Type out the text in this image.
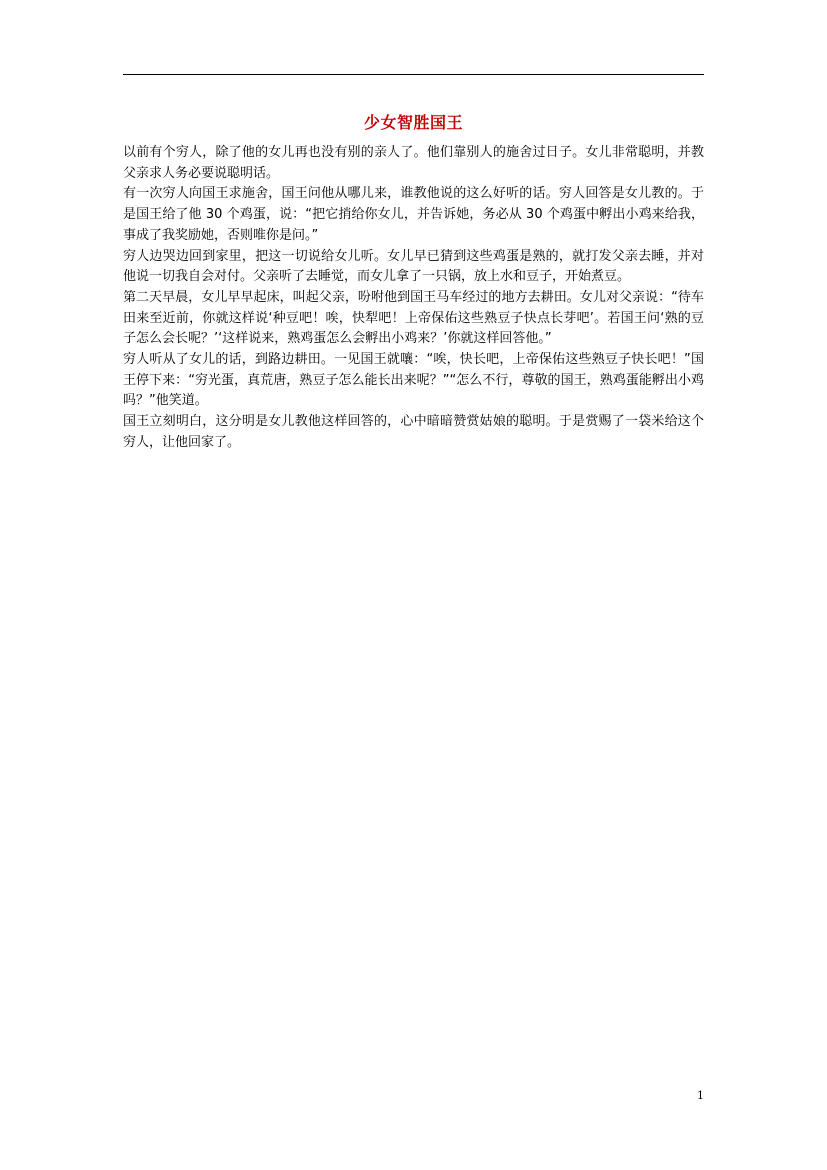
少女智胜国王

以前有个穷人，除了他的女儿再也没有别的亲人了。他们靠别人的施舍过日子。女儿非常聪明，并教父亲求人务必要说聪明话。

有一次穷人向国王求施舍，国王问他从哪儿来，谁教他说的这么好听的话。穷人回答是女儿教的。于是国王给了他 30 个鸡蛋，说：“把它捎给你女儿，并告诉她，务必从 30 个鸡蛋中孵出小鸡来给我，事成了我奖励她，否则唯你是问。”

穷人边哭边回到家里，把这一切说给女儿听。女儿早已猜到这些鸡蛋是熟的，就打发父亲去睡，并对他说一切我自会对付。父亲听了去睡觉，而女儿拿了一只锅，放上水和豆子，开始煮豆。

第二天早晨，女儿早早起床，叫起父亲，吩咐他到国王马车经过的地方去耕田。女儿对父亲说：“待车田来至近前，你就这样说‘种豆吧！唉，快犁吧！上帝保佑这些熟豆子快点长芽吧’。若国王问‘熟的豆子怎么会长呢？’‘这样说来，熟鸡蛋怎么会孵出小鸡来？’你就这样回答他。”

穷人听从了女儿的话，到路边耕田。一见国王就嚷：“唉，快长吧，上帝保佑这些熟豆子快长吧！”国王停下来：“穷光蛋，真荒唐，熟豆子怎么能长出来呢？”“怎么不行，尊敬的国王，熟鸡蛋能孵出小鸡吗？”他笑道。

国王立刻明白，这分明是女儿教他这样回答的，心中暗暗赞赏姑娘的聪明。于是赏赐了一袋米给这个穷人，让他回家了。

1
